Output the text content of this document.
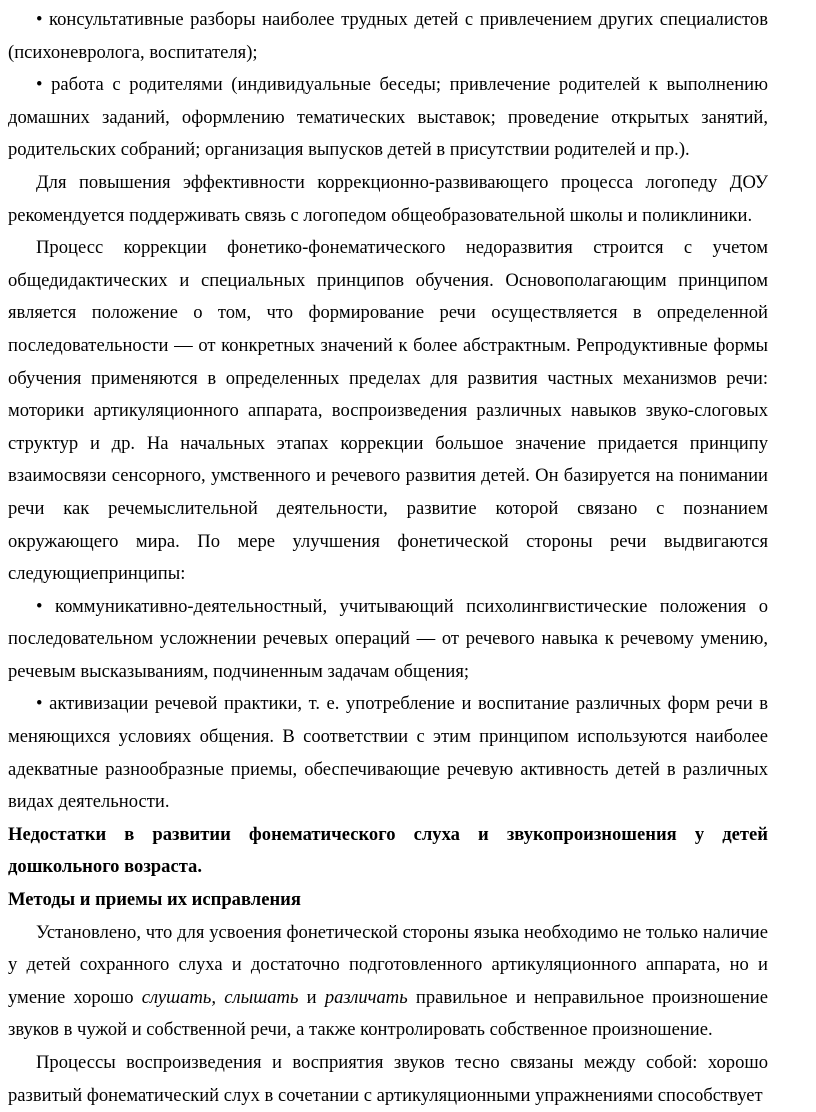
• консультативные разборы наиболее трудных детей с привлечением других специалистов (психоневролога, воспитателя);

• работа с родителями (индивидуальные беседы; привлечение родителей к выполнению домашних заданий, оформлению тематических выставок; проведение открытых занятий, родительских собраний; организация выпусков детей в присутствии родителей и пр.).

Для повышения эффективности коррекционно-развивающего процесса логопеду ДОУ рекомендуется поддерживать связь с логопедом общеобразовательной школы и поликлиники.

Процесс коррекции фонетико-фонематического недоразвития строится с учетом общедидактических и специальных принципов обучения. Основополагающим принципом является положение о том, что формирование речи осуществляется в определенной последовательности — от конкретных значений к более абстрактным. Репродуктивные формы обучения применяются в определенных пределах для развития частных механизмов речи: моторики артикуляционного аппарата, воспроизведения различных навыков звуко-слоговых структур и др. На начальных этапах коррекции большое значение придается принципу взаимосвязи сенсорного, умственного и речевого развития детей. Он базируется на понимании речи как речемыслительной деятельности, развитие которой связано с познанием окружающего мира. По мере улучшения фонетической стороны речи выдвигаются следующиепринципы:

• коммуникативно-деятельностный, учитывающий психолингвистические положения о последовательном усложнении речевых операций — от речевого навыка к речевому умению, речевым высказываниям, подчиненным задачам общения;

• активизации речевой практики, т. е. употребление и воспитание различных форм речи в меняющихся условиях общения. В соответствии с этим принципом используются наиболее адекватные разнообразные приемы, обеспечивающие речевую активность детей в различных видах деятельности.

Недостатки в развитии фонематического слуха и звукопроизношения у детей дошкольного возраста.

Методы и приемы их исправления

Установлено, что для усвоения фонетической стороны языка необходимо не только наличие у детей сохранного слуха и достаточно подготовленного артикуляционного аппарата, но и умение хорошо слушать, слышать и различать правильное и неправильное произношение звуков в чужой и собственной речи, а также контролировать собственное произношение.

Процессы воспроизведения и восприятия звуков тесно связаны между собой: хорошо развитый фонематический слух в сочетании с артикуляционными упражнениями способствует
